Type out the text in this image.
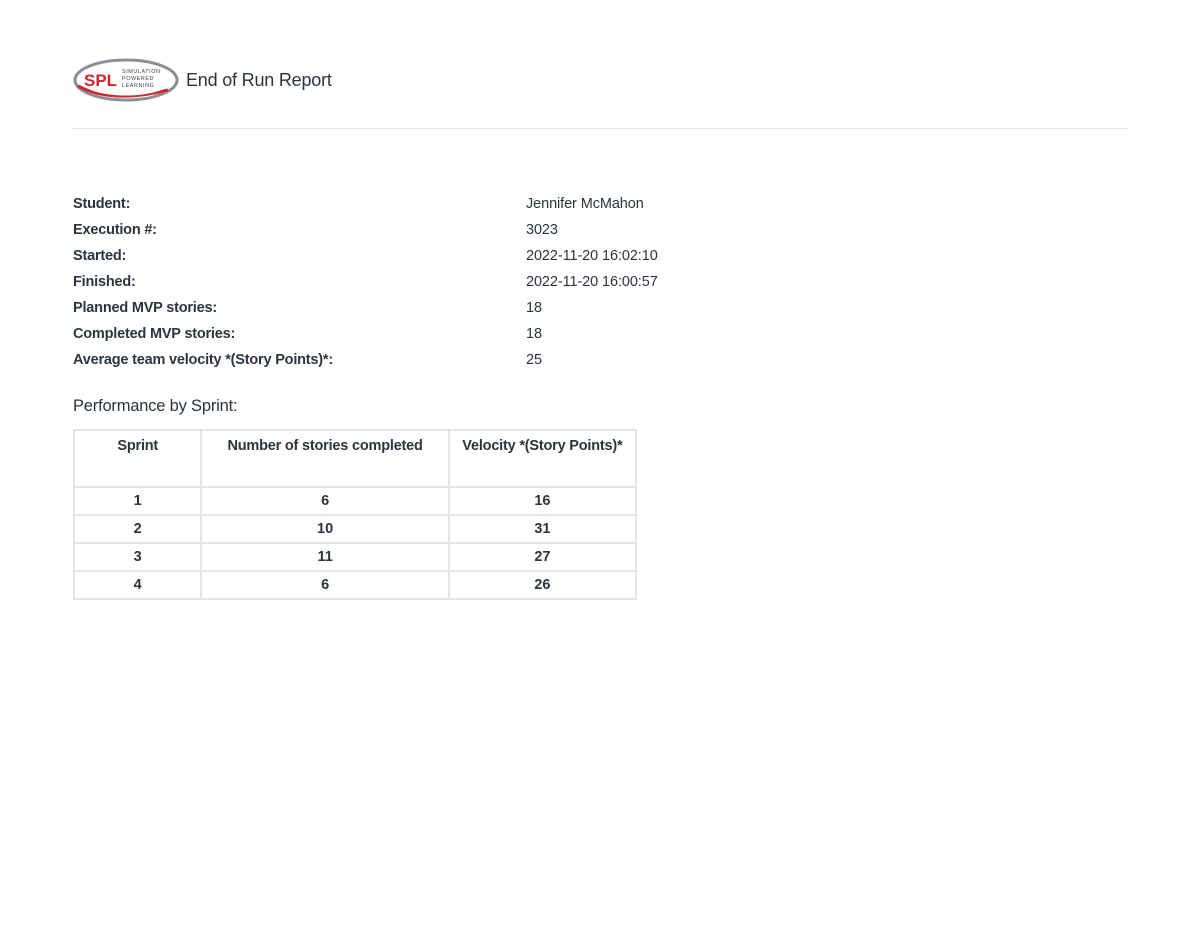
SPL SIMULATION
POWERED
LEARNING End of Run Report
Student:	Jennifer McMahon
Execution #:	3023
Started:	2022-11-20 16:02:10
Finished:	2022-11-20 16:00:57
Planned MVP stories:	18
Completed MVP stories:	18
Average team velocity *(Story Points)*:	25
Performance by Sprint:
Sprint	Number of stories completed	Velocity *(Story Points)*
1	6	16
2	10	31
3	11	27
4	6	26
